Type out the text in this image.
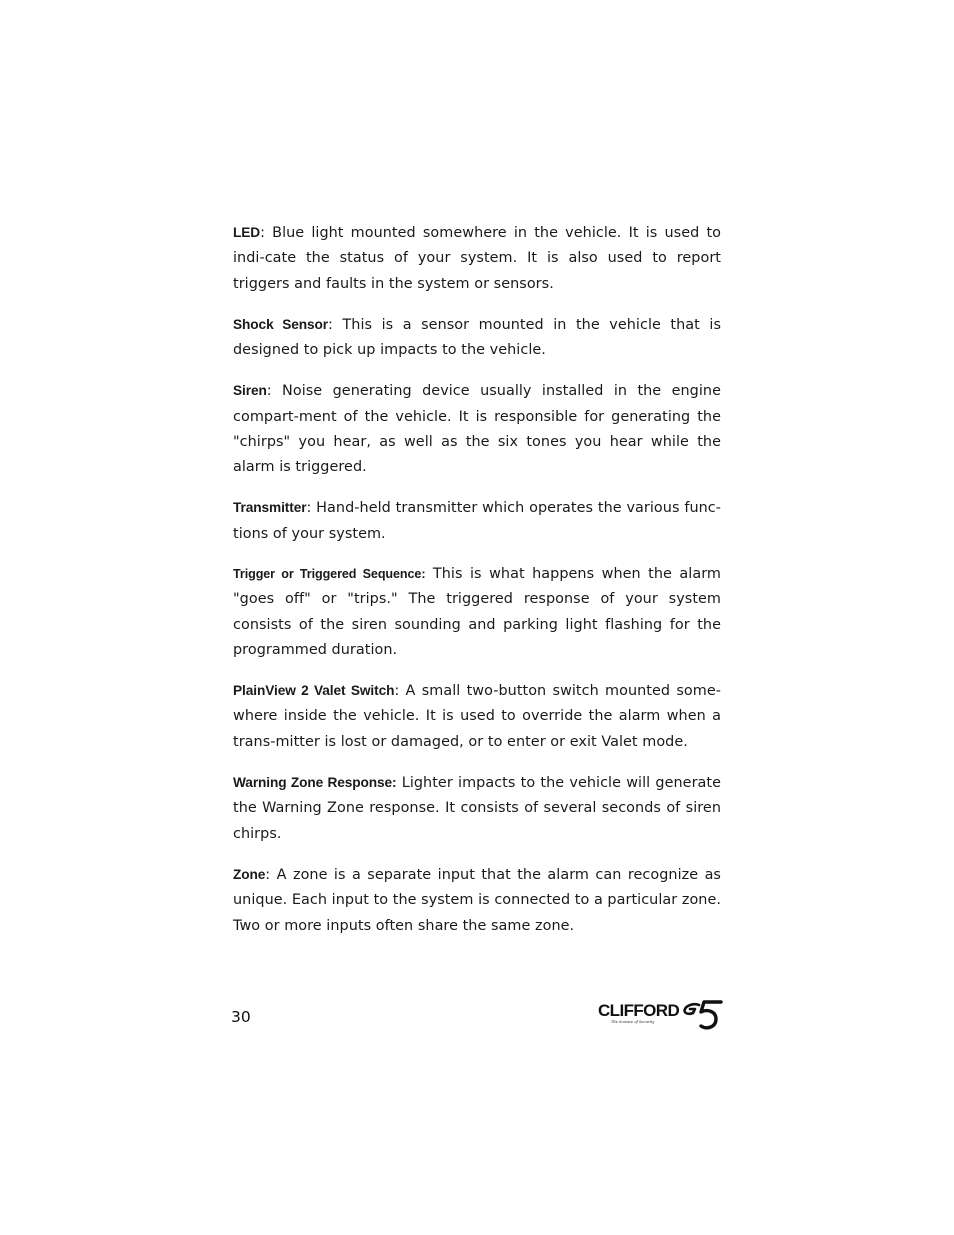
LED: Blue light mounted somewhere in the vehicle. It is used to indi-cate the status of your system. It is also used to report triggers and faults in the system or sensors.

Shock Sensor: This is a sensor mounted in the vehicle that is designed to pick up impacts to the vehicle.

Siren: Noise generating device usually installed in the engine compart-ment of the vehicle. It is responsible for generating the "chirps" you hear, as well as the six tones you hear while the alarm is triggered.

Transmitter: Hand-held transmitter which operates the various func-tions of your system.

Trigger or Triggered Sequence: This is what happens when the alarm "goes off" or "trips." The triggered response of your system consists of the siren sounding and parking light flashing for the programmed duration.

PlainView 2 Valet Switch: A small two-button switch mounted some-where inside the vehicle. It is used to override the alarm when a trans-mitter is lost or damaged, or to enter or exit Valet mode.

Warning Zone Response: Lighter impacts to the vehicle will generate the Warning Zone response. It consists of several seconds of siren chirps.

Zone: A zone is a separate input that the alarm can recognize as unique. Each input to the system is connected to a particular zone. Two or more inputs often share the same zone.

30	CLIFFORD
The Science of Security
